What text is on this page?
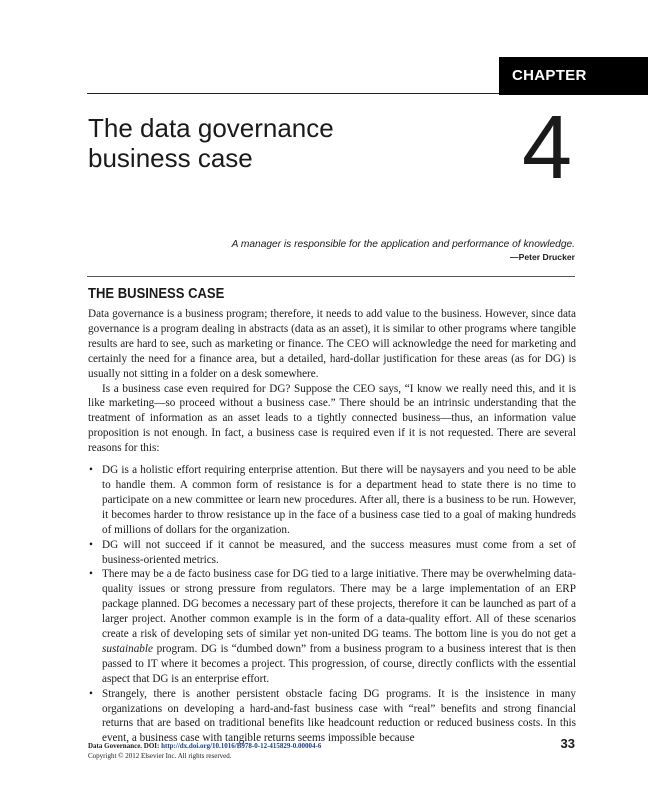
CHAPTER
The data governance
business case	4
A manager is responsible for the application and performance of knowledge.
—Peter Drucker
THE BUSINESS CASE

Data governance is a business program; therefore, it needs to add value to the business. However, since data governance is a program dealing in abstracts (data as an asset), it is similar to other programs where tangible results are hard to see, such as marketing or finance. The CEO will acknowledge the need for marketing and certainly the need for a finance area, but a detailed, hard-dollar justification for these areas (as for DG) is usually not sitting in a folder on a desk somewhere.

Is a business case even required for DG? Suppose the CEO says, “I know we really need this, and it is like marketing—so proceed without a business case.” There should be an intrinsic understanding that the treatment of information as an asset leads to a tightly connected business—thus, an information value proposition is not enough. In fact, a business case is required even if it is not requested. There are several reasons for this:

• DG is a holistic effort requiring enterprise attention. But there will be naysayers and you need to be able to handle them. A common form of resistance is for a department head to state there is no time to participate on a new committee or learn new procedures. After all, there is a business to be run. However, it becomes harder to throw resistance up in the face of a business case tied to a goal of making hundreds of millions of dollars for the organization.
• DG will not succeed if it cannot be measured, and the success measures must come from a set of business-oriented metrics.
• There may be a de facto business case for DG tied to a large initiative. There may be overwhelming data-quality issues or strong pressure from regulators. There may be a large implementation of an ERP package planned. DG becomes a necessary part of these projects, therefore it can be launched as part of a larger project. Another common example is in the form of a data-quality effort. All of these scenarios create a risk of developing sets of similar yet non-united DG teams. The bottom line is you do not get a sustainable program. DG is “dumbed down” from a business program to a business interest that is then passed to IT where it becomes a project. This progression, of course, directly conflicts with the essential aspect that DG is an enterprise effort.
• Strangely, there is another persistent obstacle facing DG programs. It is the insistence in many organizations on developing a hard-and-fast business case with “real” benefits and strong financial returns that are based on traditional benefits like headcount reduction or reduced business costs. In this event, a business case with tangible returns seems impossible because
Data Governance. DOI: http://dx.doi.org/10.1016/B978-0-12-415829-0.00004-6
Copyright © 2012 Elsevier Inc. All rights reserved.
33
